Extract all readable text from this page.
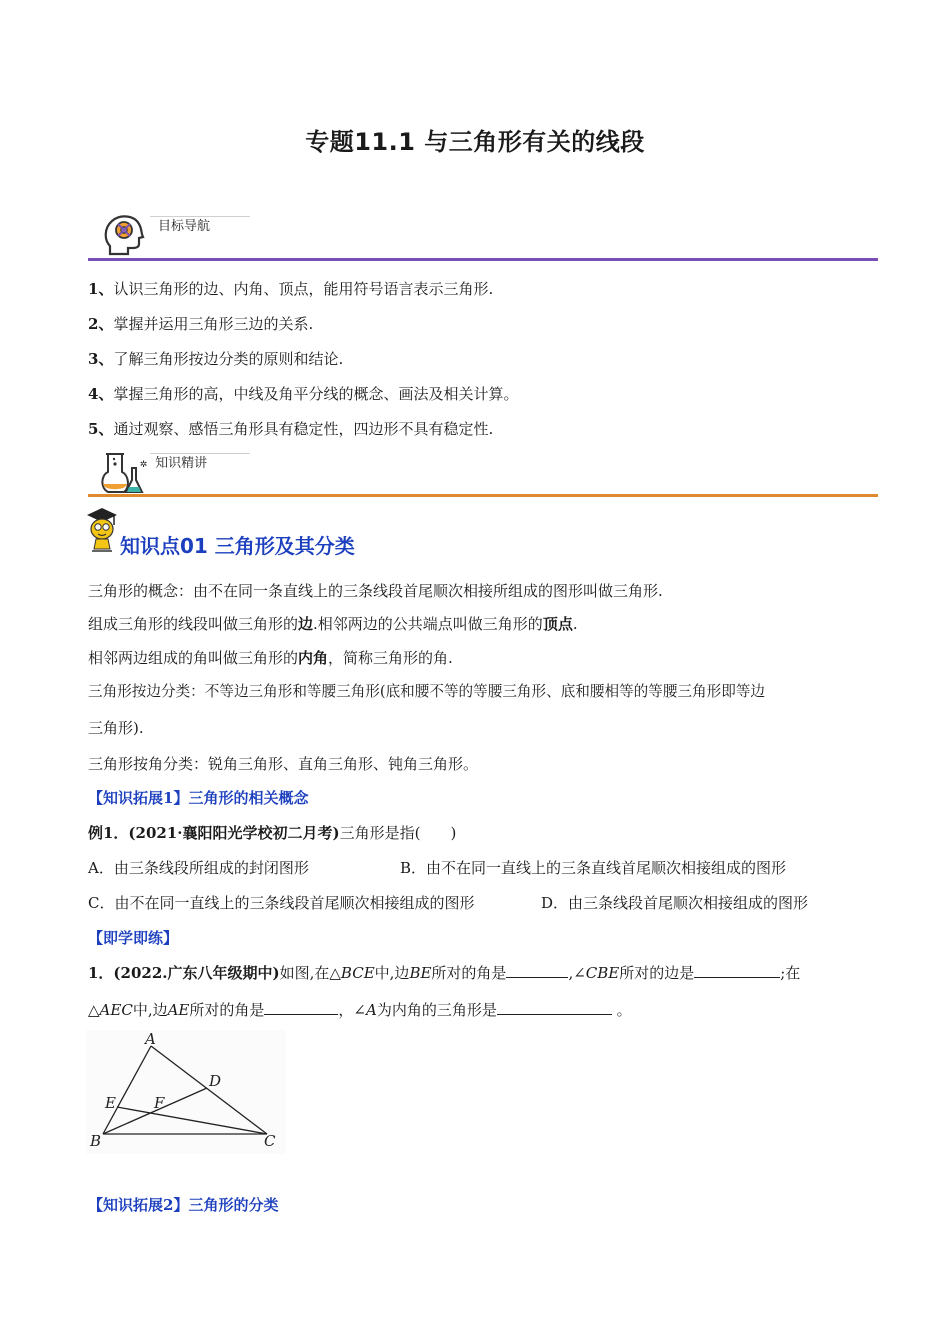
专题11.1 与三角形有关的线段
目标导航
1、认识三角形的边、内角、顶点，能用符号语言表示三角形.
2、掌握并运用三角形三边的关系.
3、了解三角形按边分类的原则和结论.
4、掌握三角形的高，中线及角平分线的概念、画法及相关计算。
5、通过观察、感悟三角形具有稳定性，四边形不具有稳定性.
✲ 知识精讲
知识点01 三角形及其分类
三角形的概念：由不在同一条直线上的三条线段首尾顺次相接所组成的图形叫做三角形.
组成三角形的线段叫做三角形的边.相邻两边的公共端点叫做三角形的顶点.
相邻两边组成的角叫做三角形的内角，简称三角形的角.
三角形按边分类：不等边三角形和等腰三角形(底和腰不等的等腰三角形、底和腰相等的等腰三角形即等边
三角形).
三角形按角分类：锐角三角形、直角三角形、钝角三角形。
【知识拓展1】三角形的相关概念
例1．(2021·襄阳阳光学校初二月考)三角形是指(　　)
A．由三条线段所组成的封闭图形	B．由不在同一直线上的三条直线首尾顺次相接组成的图形
C．由不在同一直线上的三条线段首尾顺次相接组成的图形	D．由三条线段首尾顺次相接组成的图形
【即学即练】
1．(2022.广东八年级期中)如图,在△BCE中,边BE所对的角是	,∠CBE所对的边是	;在
△AEC中,边AE所对的角是	，∠A为内角的三角形是	。
A
B	C
D
E	F
【知识拓展2】三角形的分类
